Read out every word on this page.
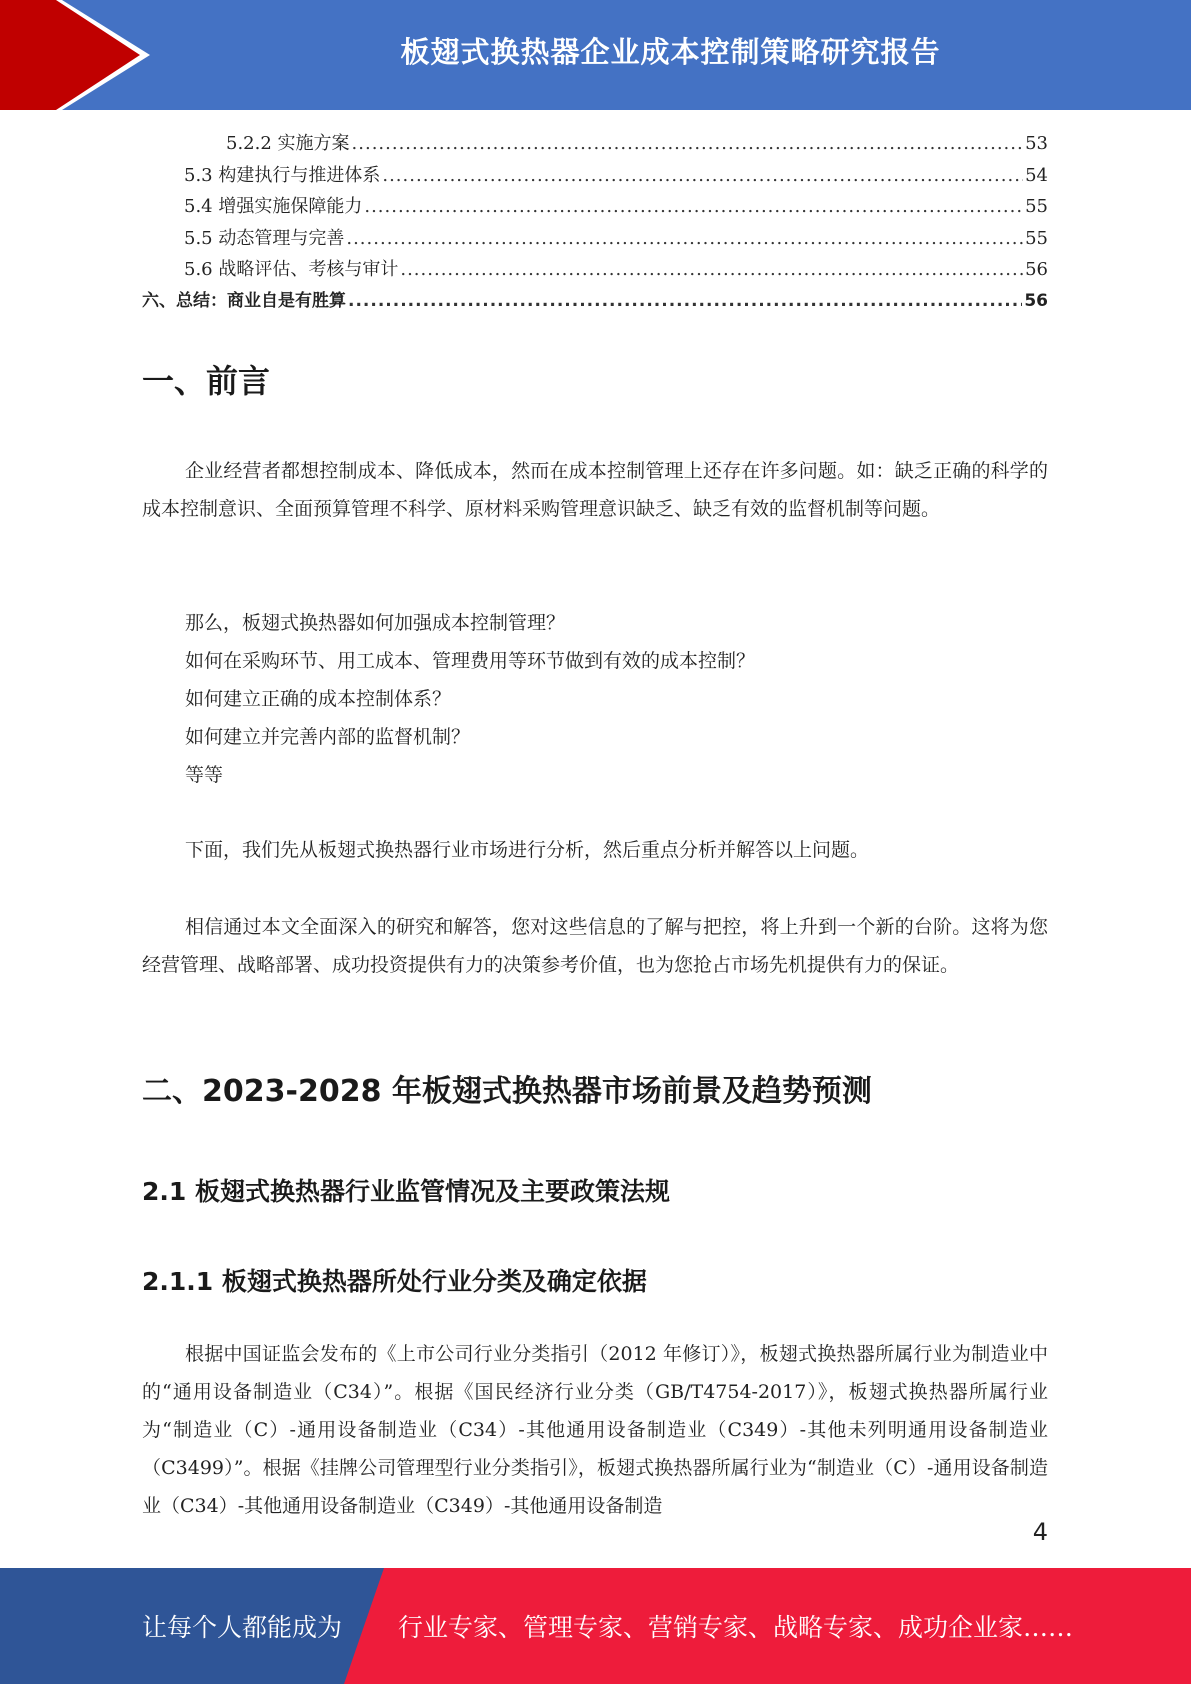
板翅式换热器企业成本控制策略研究报告
5.2.2 实施方案 .....	53
5.3 构建执行与推进体系 .....	54
5.4 增强实施保障能力 .....	55
5.5 动态管理与完善 .....	55
5.6 战略评估、考核与审计 .....	56
六、总结：商业自是有胜算 .....	56
一、前言
企业经营者都想控制成本、降低成本，然而在成本控制管理上还存在许多问题。如：缺乏正确的科学的成本控制意识、全面预算管理不科学、原材料采购管理意识缺乏、缺乏有效的监督机制等问题。
那么，板翅式换热器如何加强成本控制管理？
如何在采购环节、用工成本、管理费用等环节做到有效的成本控制？
如何建立正确的成本控制体系？
如何建立并完善内部的监督机制？
等等
下面，我们先从板翅式换热器行业市场进行分析，然后重点分析并解答以上问题。
相信通过本文全面深入的研究和解答，您对这些信息的了解与把控，将上升到一个新的台阶。这将为您经营管理、战略部署、成功投资提供有力的决策参考价值，也为您抢占市场先机提供有力的保证。
二、2023-2028 年板翅式换热器市场前景及趋势预测
2.1 板翅式换热器行业监管情况及主要政策法规
2.1.1 板翅式换热器所处行业分类及确定依据
根据中国证监会发布的《上市公司行业分类指引（2012 年修订）》，板翅式换热器所属行业为制造业中的“通用设备制造业（C34）”。根据《国民经济行业分类（GB/T4754-2017）》，板翅式换热器所属行业为“制造业（C）-通用设备制造业（C34）-其他通用设备制造业（C349）-其他未列明通用设备制造业（C3499）”。根据《挂牌公司管理型行业分类指引》，板翅式换热器所属行业为“制造业（C）-通用设备制造业（C34）-其他通用设备制造业（C349）-其他通用设备制造
4
让每个人都能成为 行业专家、管理专家、营销专家、战略专家、成功企业家……
